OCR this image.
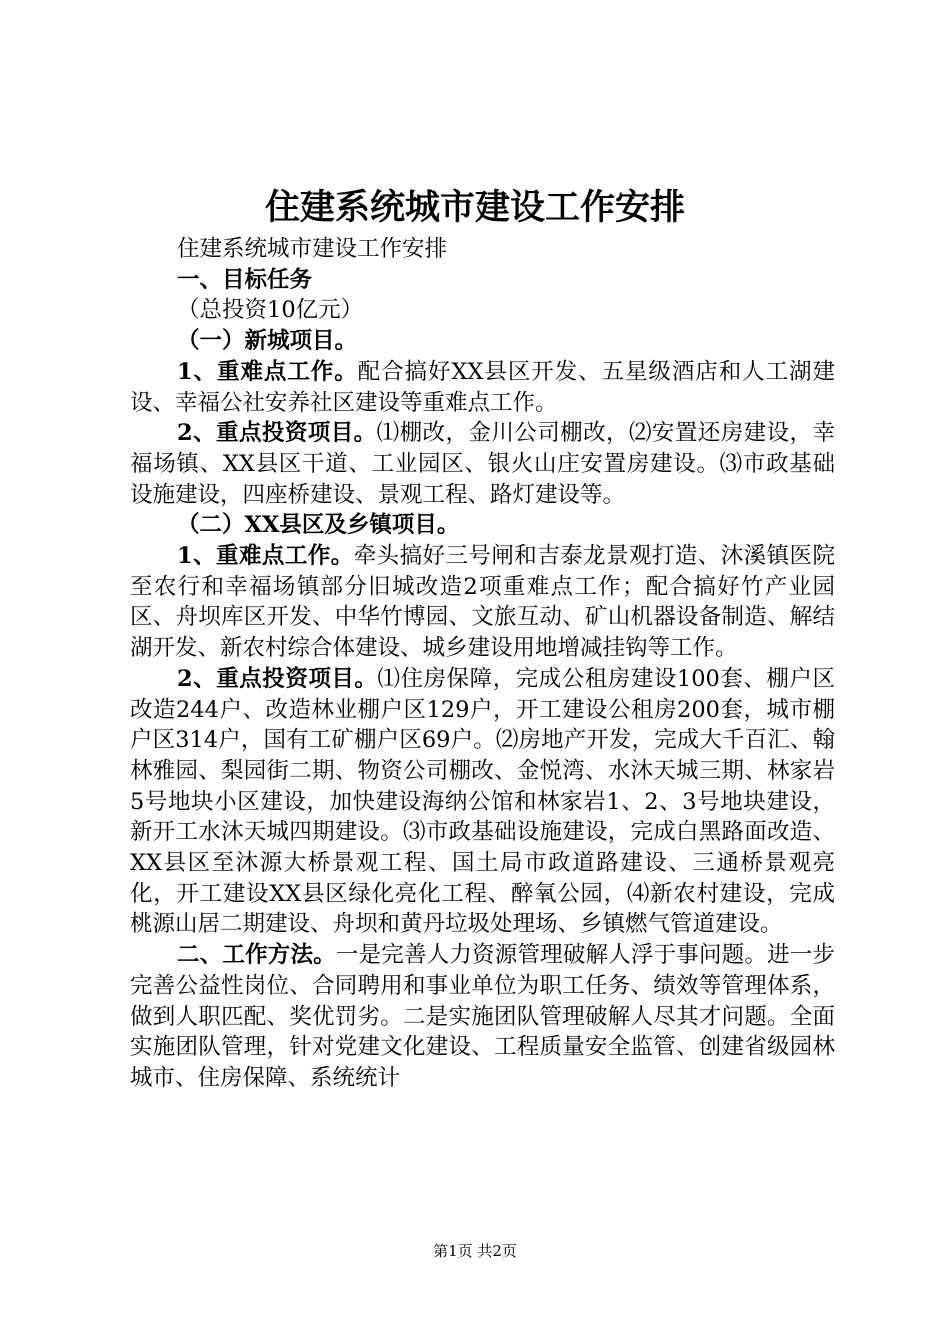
住建系统城市建设工作安排

住建系统城市建设工作安排

一、目标任务

（总投资10亿元）

（一）新城项目。

1、重难点工作。配合搞好XX县区开发、五星级酒店和人工湖建设、幸福公社安养社区建设等重难点工作。

2、重点投资项目。⑴棚改，金川公司棚改，⑵安置还房建设，幸福场镇、XX县区干道、工业园区、银火山庄安置房建设。⑶市政基础设施建设，四座桥建设、景观工程、路灯建设等。

（二）XX县区及乡镇项目。

1、重难点工作。牵头搞好三号闸和吉泰龙景观打造、沐溪镇医院至农行和幸福场镇部分旧城改造2项重难点工作；配合搞好竹产业园区、舟坝库区开发、中华竹博园、文旅互动、矿山机器设备制造、解结湖开发、新农村综合体建设、城乡建设用地增减挂钩等工作。

2、重点投资项目。⑴住房保障，完成公租房建设100套、棚户区改造244户、改造林业棚户区129户，开工建设公租房200套，城市棚户区314户，国有工矿棚户区69户。⑵房地产开发，完成大千百汇、翰林雅园、梨园街二期、物资公司棚改、金悦湾、水沐天城三期、林家岩5号地块小区建设，加快建设海纳公馆和林家岩1、2、3号地块建设，新开工水沐天城四期建设。⑶市政基础设施建设，完成白黑路面改造、XX县区至沐源大桥景观工程、国土局市政道路建设、三通桥景观亮化，开工建设XX县区绿化亮化工程、醉氧公园，⑷新农村建设，完成桃源山居二期建设、舟坝和黄丹垃圾处理场、乡镇燃气管道建设。

二、工作方法。一是完善人力资源管理破解人浮于事问题。进一步完善公益性岗位、合同聘用和事业单位为职工任务、绩效等管理体系，做到人职匹配、奖优罚劣。二是实施团队管理破解人尽其才问题。全面实施团队管理，针对党建文化建设、工程质量安全监管、创建省级园林城市、住房保障、系统统计

第1页 共2页
